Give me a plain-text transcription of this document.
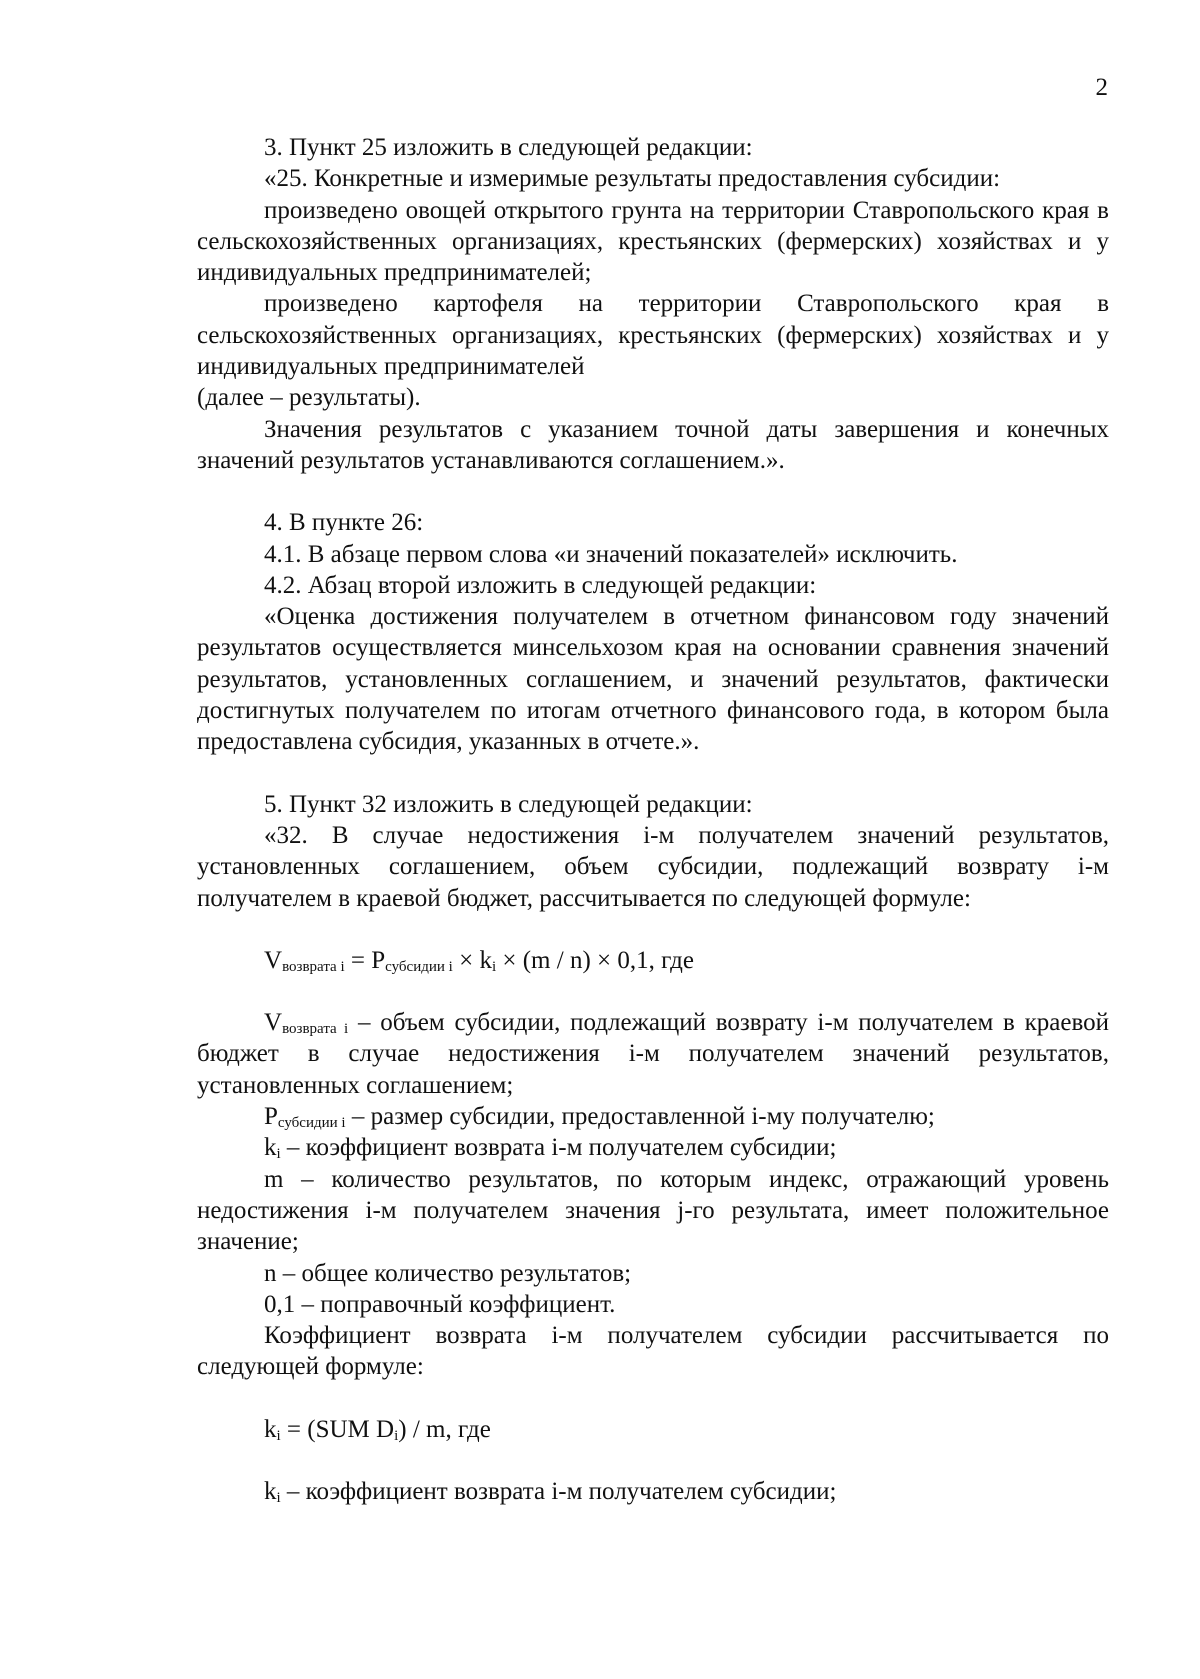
2

3. Пункт 25 изложить в следующей редакции:

«25. Конкретные и измеримые результаты предоставления субсидии:

произведено овощей открытого грунта на территории Ставропольского края в сельскохозяйственных организациях, крестьянских (фермерских) хозяйствах и у индивидуальных предпринимателей;

произведено картофеля на территории Ставропольского края в сельскохозяйственных организациях, крестьянских (фермерских) хозяйствах и у индивидуальных предпринимателей

(далее – результаты).

Значения результатов с указанием точной даты завершения и конечных значений результатов устанавливаются соглашением.».

4. В пункте 26:

4.1. В абзаце первом слова «и значений показателей» исключить.

4.2. Абзац второй изложить в следующей редакции:

«Оценка достижения получателем в отчетном финансовом году значений результатов осуществляется минсельхозом края на основании сравнения значений результатов, установленных соглашением, и значений результатов, фактически достигнутых получателем по итогам отчетного финансового года, в котором была предоставлена субсидия, указанных в отчете.».

5. Пункт 32 изложить в следующей редакции:

«32. В случае недостижения i-м получателем значений результатов, установленных соглашением, объем субсидии, подлежащий возврату i-м получателем в краевой бюджет, рассчитывается по следующей формуле:

$V_{возврата i} = P_{субсидии i} \times k_i \times (m / n) \times 0,1$, где

$V_{возврата i}$ – объем субсидии, подлежащий возврату i-м получателем в краевой бюджет в случае недостижения i-м получателем значений результатов, установленных соглашением;

$P_{субсидии i}$ – размер субсидии, предоставленной i-му получателю;

$k_i$ – коэффициент возврата i-м получателем субсидии;

m – количество результатов, по которым индекс, отражающий уровень недостижения i-м получателем значения j-го результата, имеет положительное значение;

n – общее количество результатов;

0,1 – поправочный коэффициент.

Коэффициент возврата i-м получателем субсидии рассчитывается по следующей формуле:

$k_i = (SUM$ $D_i$) / m, где

$k_i$ – коэффициент возврата i-м получателем субсидии;
